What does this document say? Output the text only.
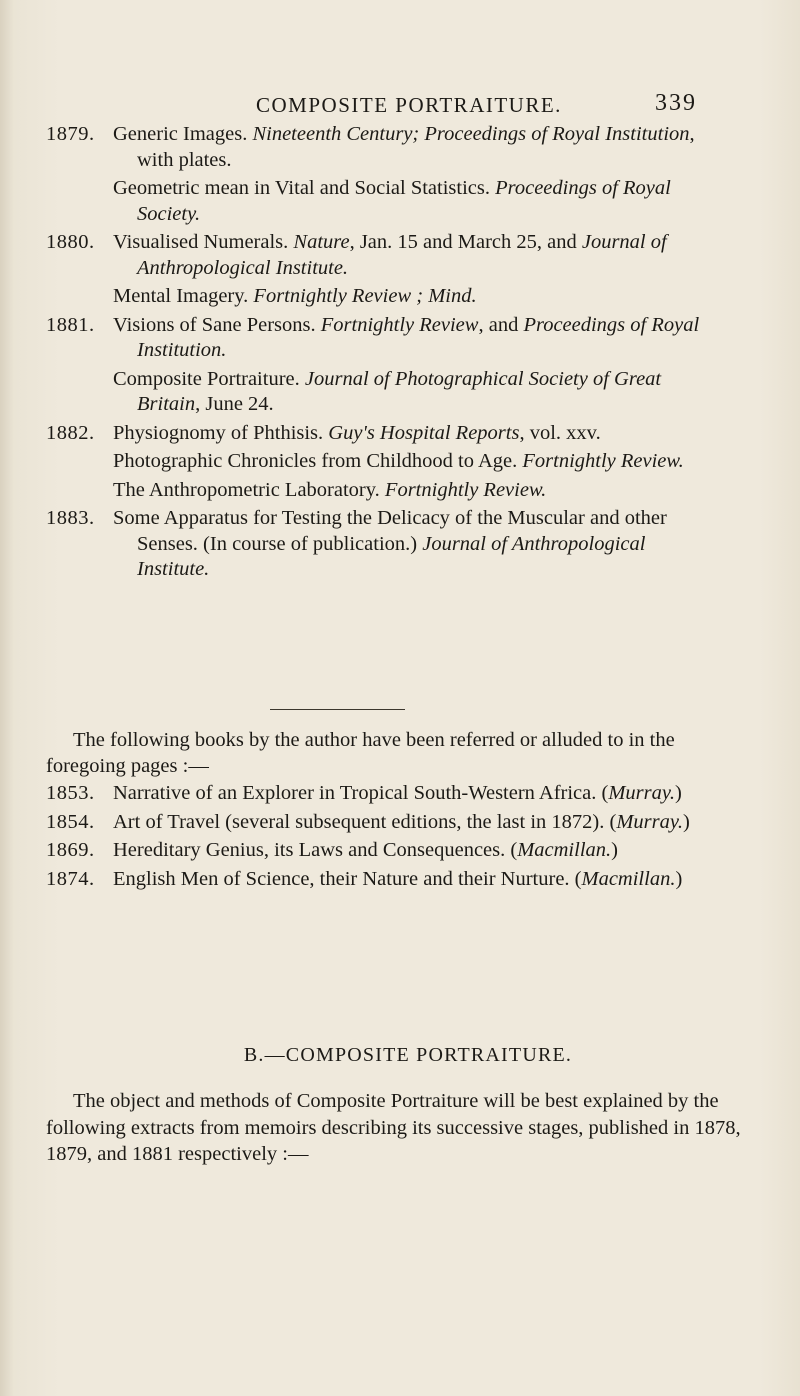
COMPOSITE PORTRAITURE.	339
1879. Generic Images. Nineteenth Century; Proceedings of Royal Institution, with plates.
Geometric mean in Vital and Social Statistics. Proceedings of Royal Society.
1880. Visualised Numerals. Nature, Jan. 15 and March 25, and Journal of Anthropological Institute.
Mental Imagery. Fortnightly Review ; Mind.
1881. Visions of Sane Persons. Fortnightly Review, and Proceedings of Royal Institution.
Composite Portraiture. Journal of Photographical Society of Great Britain, June 24.
1882. Physiognomy of Phthisis. Guy's Hospital Reports, vol. xxv.
Photographic Chronicles from Childhood to Age. Fortnightly Review.
The Anthropometric Laboratory. Fortnightly Review.
1883. Some Apparatus for Testing the Delicacy of the Muscular and other Senses. (In course of publication.) Journal of Anthropological Institute.
The following books by the author have been referred or alluded to in the foregoing pages :—
1853. Narrative of an Explorer in Tropical South-Western Africa. (Murray.)
1854. Art of Travel (several subsequent editions, the last in 1872). (Murray.)
1869. Hereditary Genius, its Laws and Consequences. (Macmillan.)
1874. English Men of Science, their Nature and their Nurture. (Macmillan.)
B.—COMPOSITE PORTRAITURE.
The object and methods of Composite Portraiture will be best explained by the following extracts from memoirs describing its successive stages, published in 1878, 1879, and 1881 respectively :—
